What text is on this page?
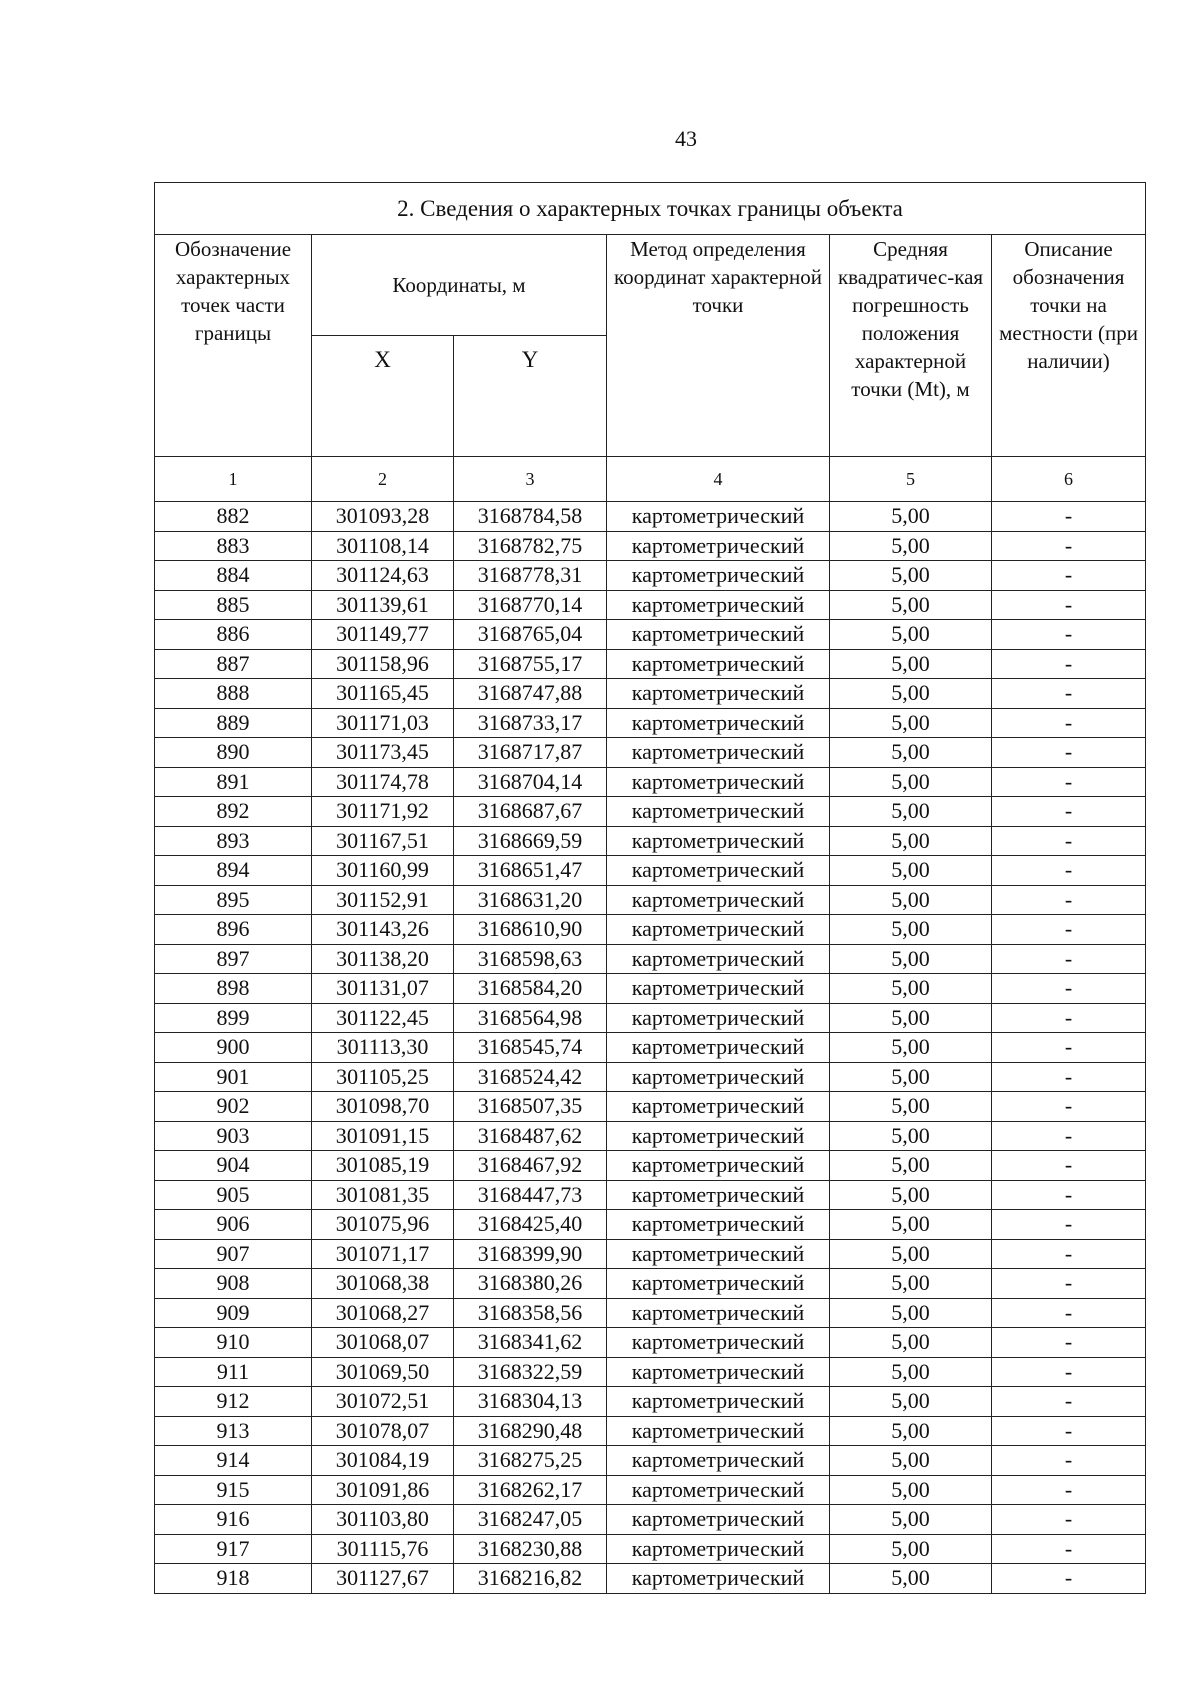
43
2. Сведения о характерных точках границы объекта					
Обозначение характерных точек части границы	Координаты, м		Метод определения координат характерной точки	Средняя квадратичес-кая погрешность положения характерной точки (Mt), м	Описание обозначения точки на местности (при наличии)
	X	Y			
1	2	3	4	5	6
882	301093,28	3168784,58	картометрический	5,00	-
883	301108,14	3168782,75	картометрический	5,00	-
884	301124,63	3168778,31	картометрический	5,00	-
885	301139,61	3168770,14	картометрический	5,00	-
886	301149,77	3168765,04	картометрический	5,00	-
887	301158,96	3168755,17	картометрический	5,00	-
888	301165,45	3168747,88	картометрический	5,00	-
889	301171,03	3168733,17	картометрический	5,00	-
890	301173,45	3168717,87	картометрический	5,00	-
891	301174,78	3168704,14	картометрический	5,00	-
892	301171,92	3168687,67	картометрический	5,00	-
893	301167,51	3168669,59	картометрический	5,00	-
894	301160,99	3168651,47	картометрический	5,00	-
895	301152,91	3168631,20	картометрический	5,00	-
896	301143,26	3168610,90	картометрический	5,00	-
897	301138,20	3168598,63	картометрический	5,00	-
898	301131,07	3168584,20	картометрический	5,00	-
899	301122,45	3168564,98	картометрический	5,00	-
900	301113,30	3168545,74	картометрический	5,00	-
901	301105,25	3168524,42	картометрический	5,00	-
902	301098,70	3168507,35	картометрический	5,00	-
903	301091,15	3168487,62	картометрический	5,00	-
904	301085,19	3168467,92	картометрический	5,00	-
905	301081,35	3168447,73	картометрический	5,00	-
906	301075,96	3168425,40	картометрический	5,00	-
907	301071,17	3168399,90	картометрический	5,00	-
908	301068,38	3168380,26	картометрический	5,00	-
909	301068,27	3168358,56	картометрический	5,00	-
910	301068,07	3168341,62	картометрический	5,00	-
911	301069,50	3168322,59	картометрический	5,00	-
912	301072,51	3168304,13	картометрический	5,00	-
913	301078,07	3168290,48	картометрический	5,00	-
914	301084,19	3168275,25	картометрический	5,00	-
915	301091,86	3168262,17	картометрический	5,00	-
916	301103,80	3168247,05	картометрический	5,00	-
917	301115,76	3168230,88	картометрический	5,00	-
918	301127,67	3168216,82	картометрический	5,00	-
